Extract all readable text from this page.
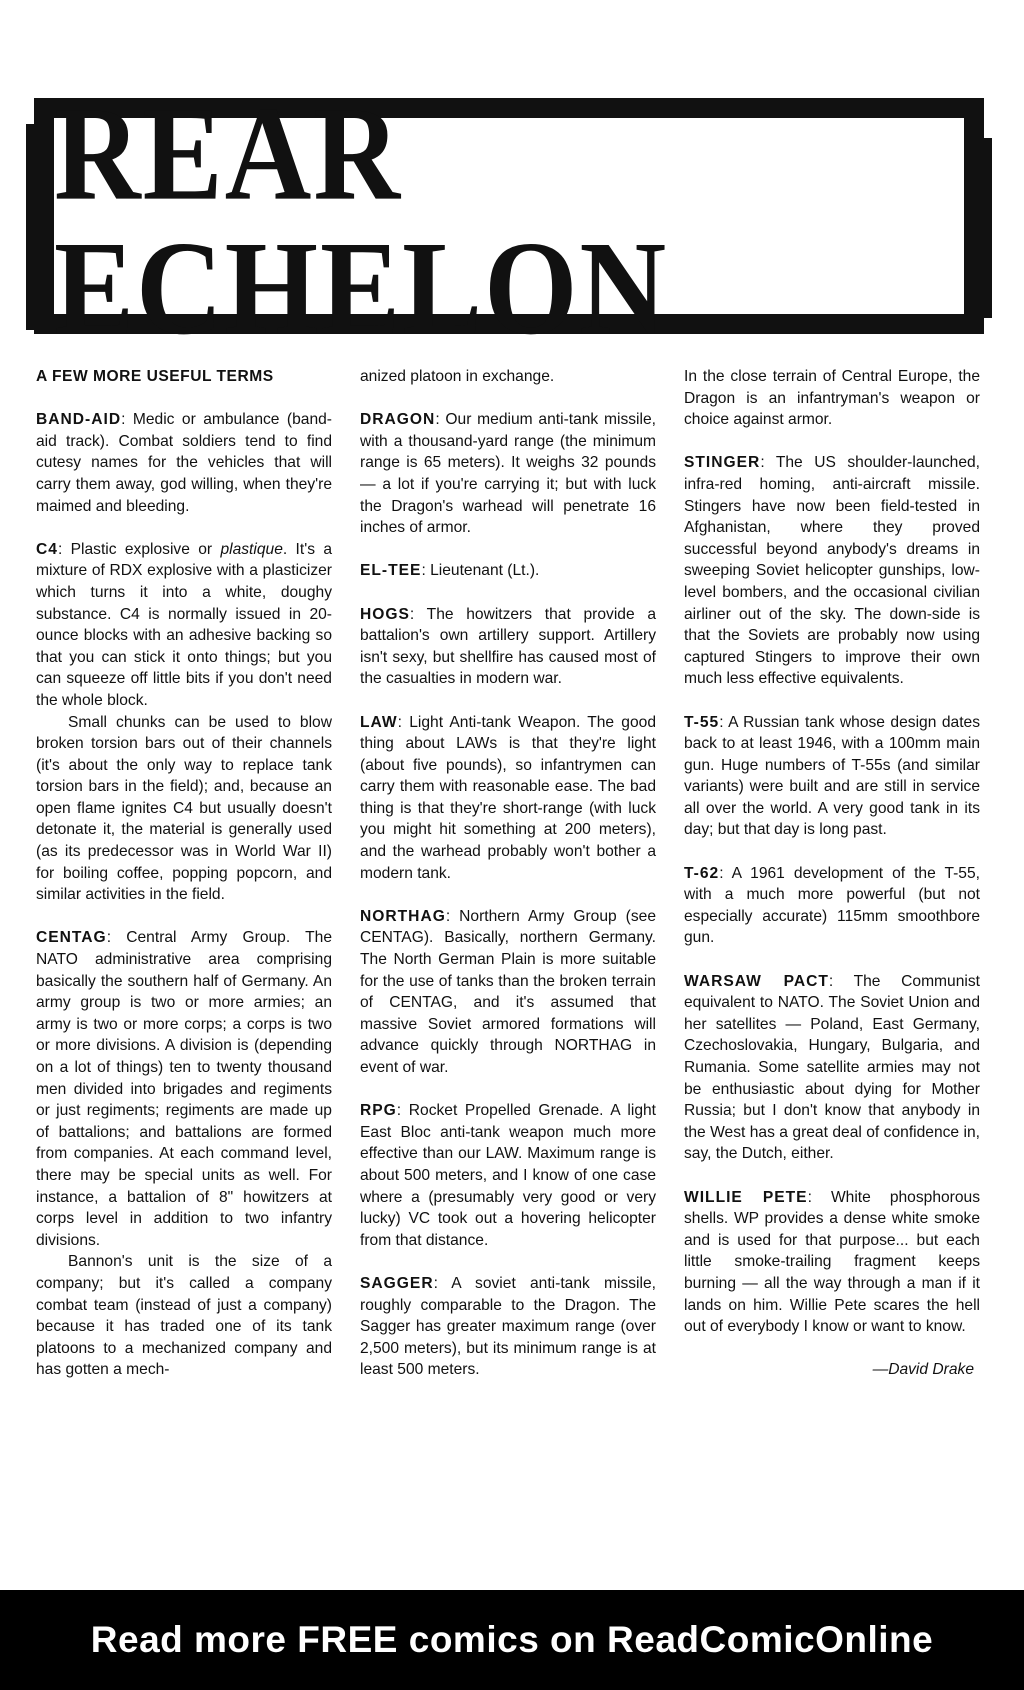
REAR ECHELON
A FEW MORE USEFUL TERMS

BAND-AID: Medic or ambulance (band-aid track). Combat soldiers tend to find cutesy names for the vehicles that will carry them away, god willing, when they're maimed and bleeding.

C4: Plastic explosive or plastique. It's a mixture of RDX explosive with a plasticizer which turns it into a white, doughy substance. C4 is normally issued in 20-ounce blocks with an adhesive backing so that you can stick it onto things; but you can squeeze off little bits if you don't need the whole block.

Small chunks can be used to blow broken torsion bars out of their channels (it's about the only way to replace tank torsion bars in the field); and, because an open flame ignites C4 but usually doesn't detonate it, the material is generally used (as its predecessor was in World War II) for boiling coffee, popping popcorn, and similar activities in the field.

CENTAG: Central Army Group. The NATO administrative area comprising basically the southern half of Germany. An army group is two or more armies; an army is two or more corps; a corps is two or more divisions. A division is (depending on a lot of things) ten to twenty thousand men divided into brigades and regiments or just regiments; regiments are made up of battalions; and battalions are formed from companies. At each command level, there may be special units as well. For instance, a battalion of 8" howitzers at corps level in addition to two infantry divisions.

Bannon's unit is the size of a company; but it's called a company combat team (instead of just a company) because it has traded one of its tank platoons to a mechanized company and has gotten a mech-

anized platoon in exchange.

DRAGON: Our medium anti-tank missile, with a thousand-yard range (the minimum range is 65 meters). It weighs 32 pounds — a lot if you're carrying it; but with luck the Dragon's warhead will penetrate 16 inches of armor.

EL-TEE: Lieutenant (Lt.).

HOGS: The howitzers that provide a battalion's own artillery support. Artillery isn't sexy, but shellfire has caused most of the casualties in modern war.

LAW: Light Anti-tank Weapon. The good thing about LAWs is that they're light (about five pounds), so infantrymen can carry them with reasonable ease. The bad thing is that they're short-range (with luck you might hit something at 200 meters), and the warhead probably won't bother a modern tank.

NORTHAG: Northern Army Group (see CENTAG). Basically, northern Germany. The North German Plain is more suitable for the use of tanks than the broken terrain of CENTAG, and it's assumed that massive Soviet armored formations will advance quickly through NORTHAG in event of war.

RPG: Rocket Propelled Grenade. A light East Bloc anti-tank weapon much more effective than our LAW. Maximum range is about 500 meters, and I know of one case where a (presumably very good or very lucky) VC took out a hovering helicopter from that distance.

SAGGER: A soviet anti-tank missile, roughly comparable to the Dragon. The Sagger has greater maximum range (over 2,500 meters), but its minimum range is at least 500 meters.

In the close terrain of Central Europe, the Dragon is an infantryman's weapon or choice against armor.

STINGER: The US shoulder-launched, infra-red homing, anti-aircraft missile. Stingers have now been field-tested in Afghanistan, where they proved successful beyond anybody's dreams in sweeping Soviet helicopter gunships, low-level bombers, and the occasional civilian airliner out of the sky. The down-side is that the Soviets are probably now using captured Stingers to improve their own much less effective equivalents.

T-55: A Russian tank whose design dates back to at least 1946, with a 100mm main gun. Huge numbers of T-55s (and similar variants) were built and are still in service all over the world. A very good tank in its day; but that day is long past.

T-62: A 1961 development of the T-55, with a much more powerful (but not especially accurate) 115mm smoothbore gun.

WARSAW PACT: The Communist equivalent to NATO. The Soviet Union and her satellites — Poland, East Germany, Czechoslovakia, Hungary, Bulgaria, and Rumania. Some satellite armies may not be enthusiastic about dying for Mother Russia; but I don't know that anybody in the West has a great deal of confidence in, say, the Dutch, either.

WILLIE PETE: White phosphorous shells. WP provides a dense white smoke and is used for that purpose... but each little smoke-trailing fragment keeps burning — all the way through a man if it lands on him. Willie Pete scares the hell out of everybody I know or want to know.

—David Drake

Read more FREE comics on ReadComicOnline
